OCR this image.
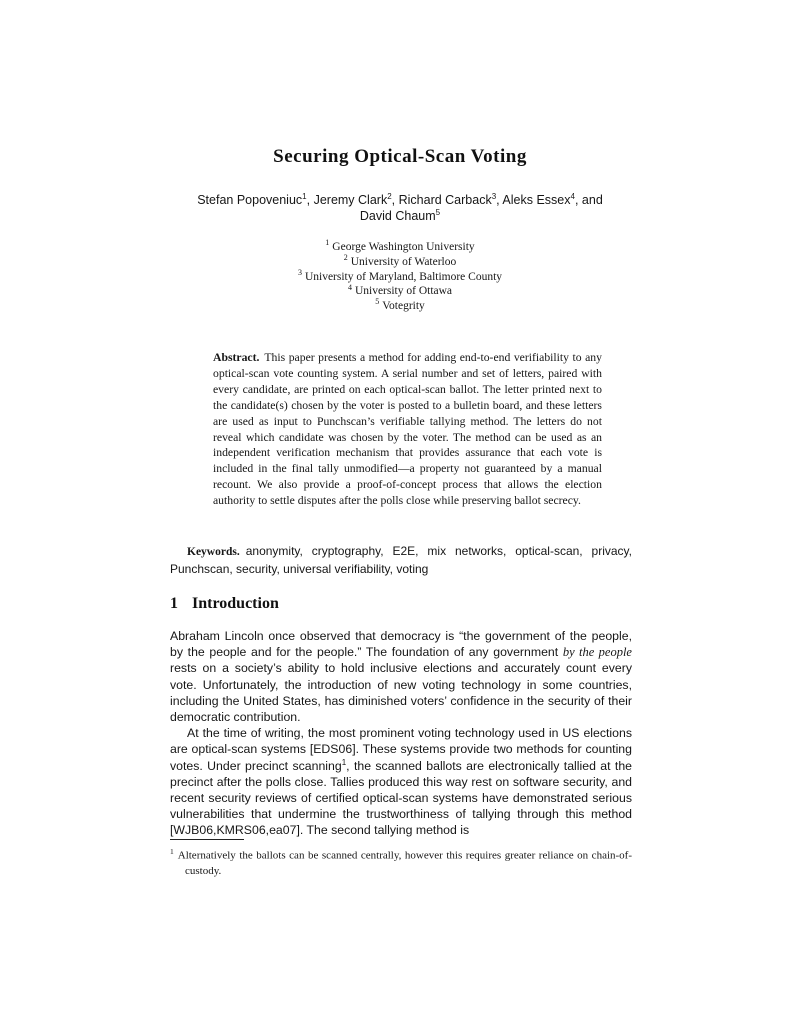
Securing Optical-Scan Voting
Stefan Popoveniuc$^1$, Jeremy Clark$^2$, Richard Carback$^3$, Aleks Essex$^4$, and
David Chaum$^5$
$^1$ George Washington University
$^2$ University of Waterloo
$^3$ University of Maryland, Baltimore County
$^4$ University of Ottawa
$^5$ Votegrity
Abstract. This paper presents a method for adding end-to-end verifiability to any optical-scan vote counting system. A serial number and set of letters, paired with every candidate, are printed on each optical-scan ballot. The letter printed next to the candidate(s) chosen by the voter is posted to a bulletin board, and these letters are used as input to Punchscan’s verifiable tallying method. The letters do not reveal which candidate was chosen by the voter. The method can be used as an independent verification mechanism that provides assurance that each vote is included in the final tally unmodified—a property not guaranteed by a manual recount. We also provide a proof-of-concept process that allows the election authority to settle disputes after the polls close while preserving ballot secrecy.
Keywords. anonymity, cryptography, E2E, mix networks, optical-scan, privacy, Punchscan, security, universal verifiability, voting
1 Introduction

Abraham Lincoln once observed that democracy is “the government of the people, by the people and for the people.” The foundation of any government by the people rests on a society’s ability to hold inclusive elections and accurately count every vote. Unfortunately, the introduction of new voting technology in some countries, including the United States, has diminished voters’ confidence in the security of their democratic contribution.

At the time of writing, the most prominent voting technology used in US elections are optical-scan systems [EDS06]. These systems provide two methods for counting votes. Under precinct scanning$^1$, the scanned ballots are electronically tallied at the precinct after the polls close. Tallies produced this way rest on software security, and recent security reviews of certified optical-scan systems have demonstrated serious vulnerabilities that undermine the trustworthiness of tallying through this method [WJB06,KMRS06,ea07]. The second tallying method is

$^1$ Alternatively the ballots can be scanned centrally, however this requires greater reliance on chain-of-custody.
